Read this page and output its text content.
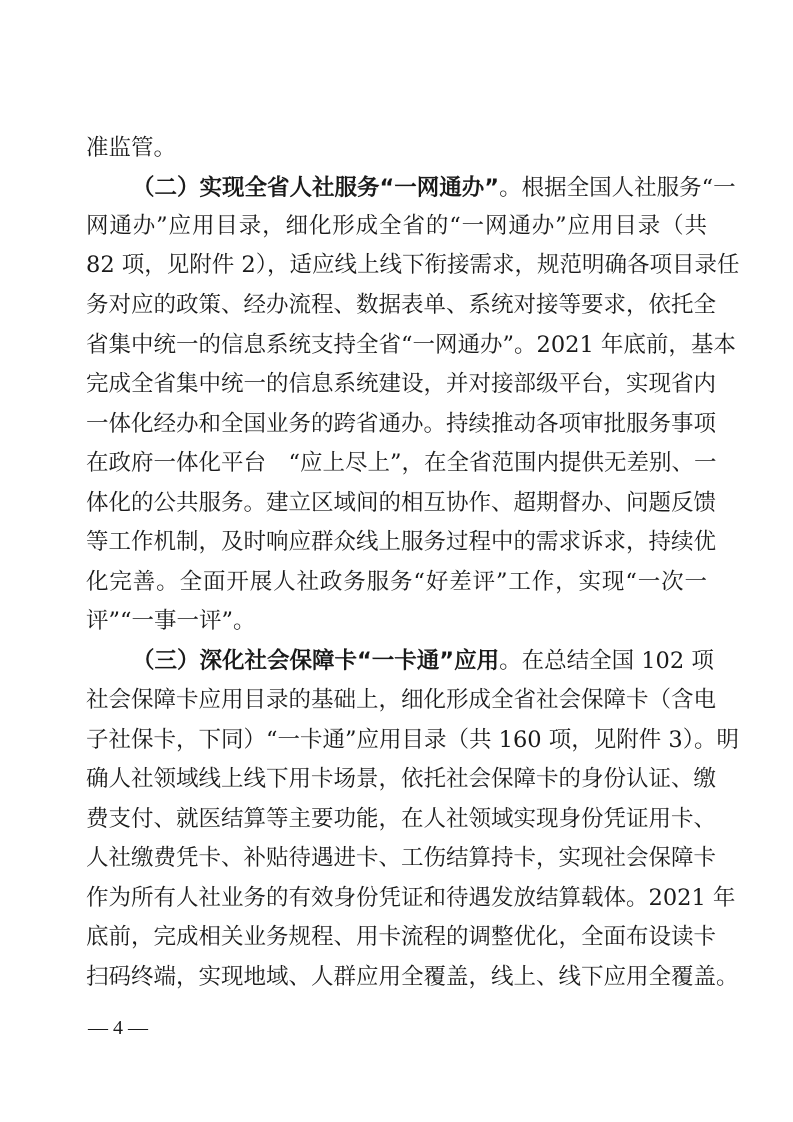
准监管。
（二）实现全省人社服务“一网通办”。根据全国人社服务“一
网通办”应用目录，细化形成全省的“一网通办”应用目录（共
82 项，见附件 2），适应线上线下衔接需求，规范明确各项目录任
务对应的政策、经办流程、数据表单、系统对接等要求，依托全
省集中统一的信息系统支持全省“一网通办”。2021 年底前，基本
完成全省集中统一的信息系统建设，并对接部级平台，实现省内
一体化经办和全国业务的跨省通办。持续推动各项审批服务事项
在政府一体化平台　“应上尽上”，在全省范围内提供无差别、一
体化的公共服务。建立区域间的相互协作、超期督办、问题反馈
等工作机制，及时响应群众线上服务过程中的需求诉求，持续优
化完善。全面开展人社政务服务“好差评”工作，实现“一次一
评”“一事一评”。
（三）深化社会保障卡“一卡通”应用。在总结全国 102 项
社会保障卡应用目录的基础上，细化形成全省社会保障卡（含电
子社保卡，下同）“一卡通”应用目录（共 160 项，见附件 3）。明
确人社领域线上线下用卡场景，依托社会保障卡的身份认证、缴
费支付、就医结算等主要功能，在人社领域实现身份凭证用卡、
人社缴费凭卡、补贴待遇进卡、工伤结算持卡，实现社会保障卡
作为所有人社业务的有效身份凭证和待遇发放结算载体。2021 年
底前，完成相关业务规程、用卡流程的调整优化，全面布设读卡
扫码终端，实现地域、人群应用全覆盖，线上、线下应用全覆盖。
— 4 —
